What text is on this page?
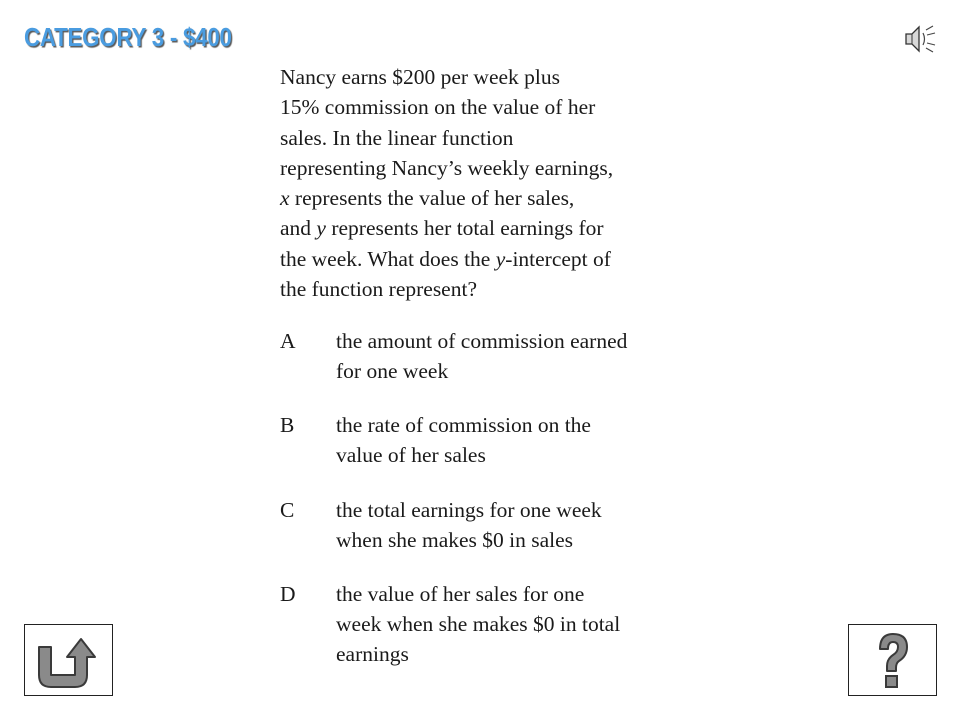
CATEGORY 3 - $400
Nancy earns $200 per week plus
15% commission on the value of her
sales. In the linear function
representing Nancy’s weekly earnings,
x represents the value of her sales,
and y represents her total earnings for
the week. What does the y-intercept of
the function represent?
A the amount of commission earned
for one week
B the rate of commission on the
value of her sales
C the total earnings for one week
when she makes $0 in sales
D the value of her sales for one
week when she makes $0 in total
earnings
